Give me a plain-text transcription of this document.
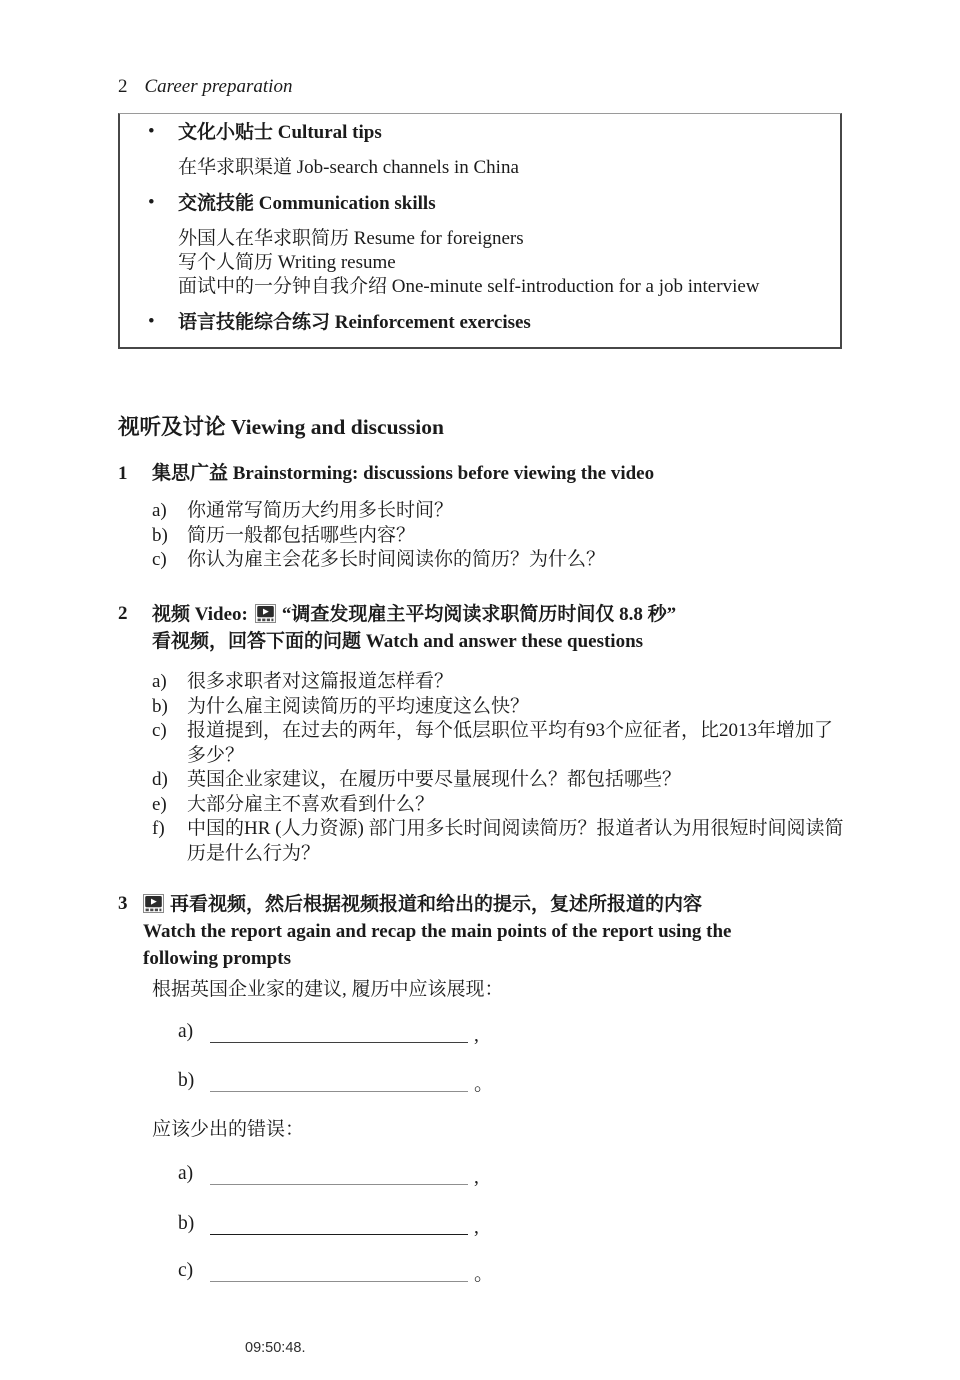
2 Career preparation
•	文化小贴士 Cultural tips
在华求职渠道 Job-search channels in China
•	交流技能 Communication skills
外国人在华求职简历 Resume for foreigners
写个人简历 Writing resume
面试中的一分钟自我介绍 One-minute self-introduction for a job interview
•	语言技能综合练习 Reinforcement exercises
视听及讨论 Viewing and discussion
1	集思广益 Brainstorming: discussions before viewing the video
a)	你通常写简历大约用多长时间？
b)	简历一般都包括哪些内容？
c)	你认为雇主会花多长时间阅读你的简历？为什么？
2	视频 Video: “调查发现雇主平均阅读求职简历时间仅 8.8 秒”
看视频，回答下面的问题 Watch and answer these questions
a)	很多求职者对这篇报道怎样看？
b)	为什么雇主阅读简历的平均速度这么快？
c)	报道提到，在过去的两年，每个低层职位平均有93个应征者，比2013年增加了多少？
d)	英国企业家建议，在履历中要尽量展现什么？都包括哪些？
e)	大部分雇主不喜欢看到什么？
f)	中国的HR (人力资源) 部门用多长时间阅读简历？报道者认为用很短时间阅读简历是什么行为？
3	再看视频，然后根据视频报道和给出的提示，复述所报道的内容
Watch the report again and recap the main points of the report using the following prompts
根据英国企业家的建议, 履历中应该展现：
a)	,
b)	。
应该少出的错误：
a)	,
b)	,
c)	。
09:50:48.
